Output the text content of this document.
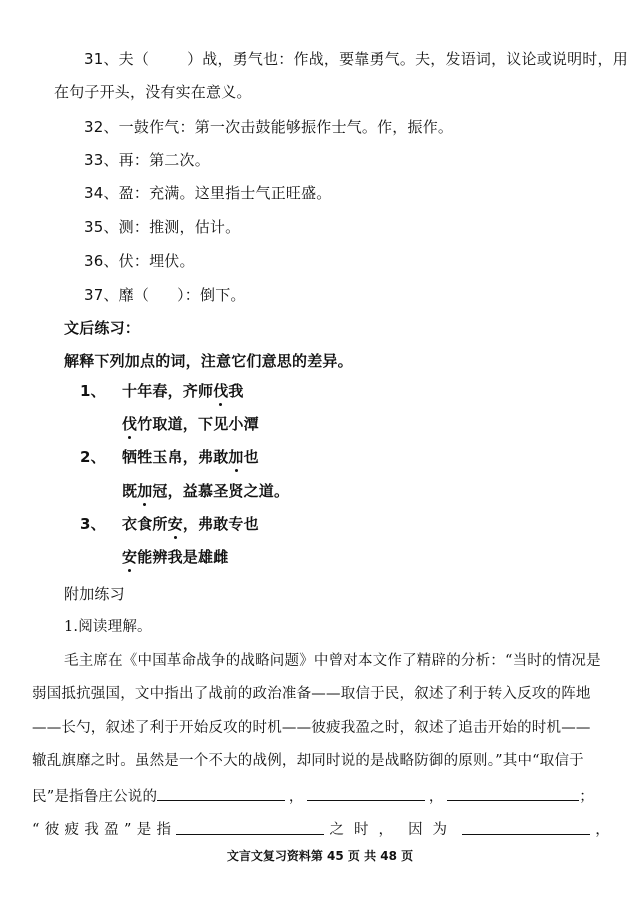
31、夫（	）战，勇气也：作战，要靠勇气。夫，发语词，议论或说明时，用
在句子开头，没有实在意义。
32、一鼓作气：第一次击鼓能够振作士气。作，振作。
33、再：第二次。
34、盈：充满。这里指士气正旺盛。
35、测：推测，估计。
36、伏：埋伏。
37、靡（ ）：倒下。
文后练习：
解释下列加点的词，注意它们意思的差异。
1、 十年春，齐师伐我
伐竹取道，下见小潭
2、 牺牲玉帛，弗敢加也
既加冠，益慕圣贤之道。
3、 衣食所安，弗敢专也
安能辨我是雄雌
附加练习
1.阅读理解。
毛主席在《中国革命战争的战略问题》中曾对本文作了精辟的分析：“当时的情况是
弱国抵抗强国，文中指出了战前的政治准备——取信于民，叙述了利于转入反攻的阵地
——长勺，叙述了利于开始反攻的时机——彼疲我盈之时，叙述了追击开始的时机——
辙乱旗靡之时。虽然是一个不大的战例，却同时说的是战略防御的原则。”其中“取信于
民”是指鲁庄公说的	，	，	；
“ 彼 疲 我 盈 ” 是 指	之时， 因为	，
文言文复习资料第 45 页 共 48 页
